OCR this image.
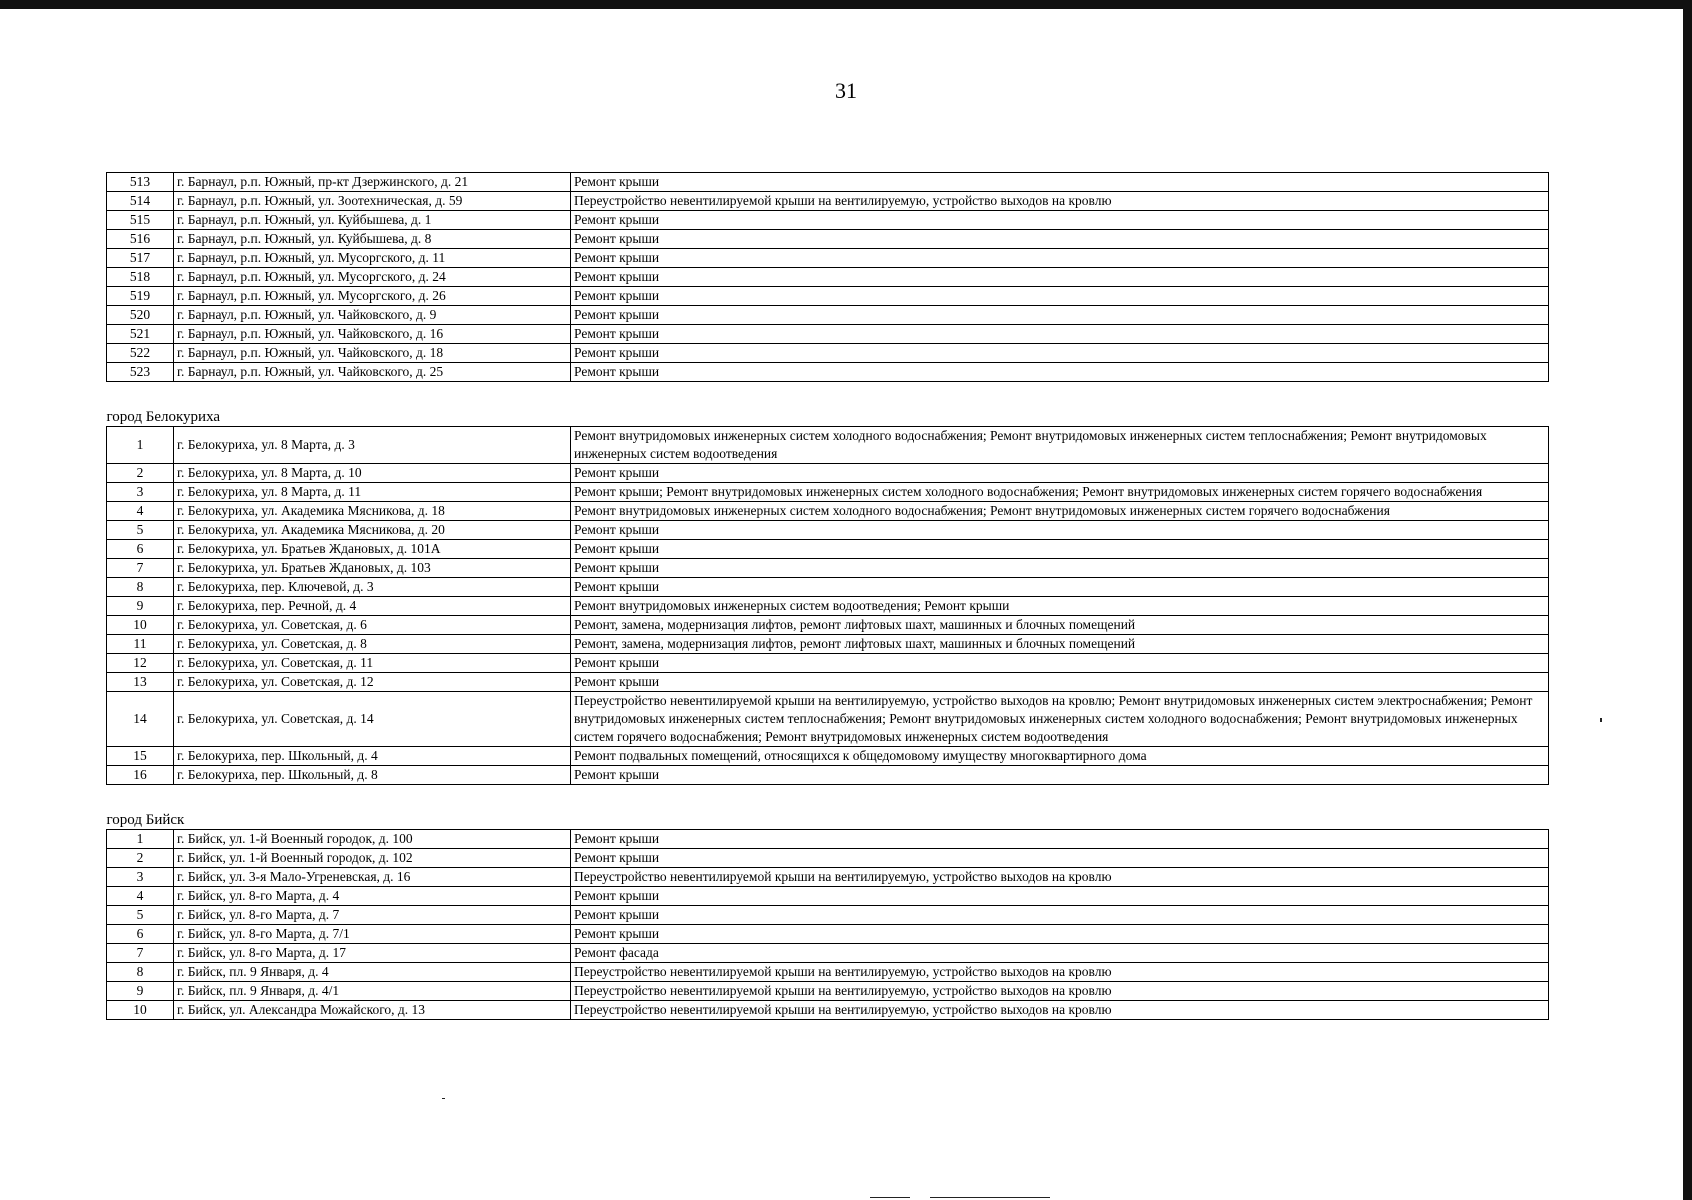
31
513	г. Барнаул, р.п. Южный, пр-кт Дзержинского, д. 21	Ремонт крыши
514	г. Барнаул, р.п. Южный, ул. Зоотехническая, д. 59	Переустройство невентилируемой крыши на вентилируемую, устройство выходов на кровлю
515	г. Барнаул, р.п. Южный, ул. Куйбышева, д. 1	Ремонт крыши
516	г. Барнаул, р.п. Южный, ул. Куйбышева, д. 8	Ремонт крыши
517	г. Барнаул, р.п. Южный, ул. Мусоргского, д. 11	Ремонт крыши
518	г. Барнаул, р.п. Южный, ул. Мусоргского, д. 24	Ремонт крыши
519	г. Барнаул, р.п. Южный, ул. Мусоргского, д. 26	Ремонт крыши
520	г. Барнаул, р.п. Южный, ул. Чайковского, д. 9	Ремонт крыши
521	г. Барнаул, р.п. Южный, ул. Чайковского, д. 16	Ремонт крыши
522	г. Барнаул, р.п. Южный, ул. Чайковского, д. 18	Ремонт крыши
523	г. Барнаул, р.п. Южный, ул. Чайковского, д. 25	Ремонт крыши

город Белокуриха		
1	г. Белокуриха, ул. 8 Марта, д. 3	Ремонт внутридомовых инженерных систем холодного водоснабжения; Ремонт внутридомовых инженерных систем теплоснабжения; Ремонт внутридомовых инженерных систем водоотведения
2	г. Белокуриха, ул. 8 Марта, д. 10	Ремонт крыши
3	г. Белокуриха, ул. 8 Марта, д. 11	Ремонт крыши; Ремонт внутридомовых инженерных систем холодного водоснабжения; Ремонт внутридомовых инженерных систем горячего водоснабжения
4	г. Белокуриха, ул. Академика Мясникова, д. 18	Ремонт внутридомовых инженерных систем холодного водоснабжения; Ремонт внутридомовых инженерных систем горячего водоснабжения
5	г. Белокуриха, ул. Академика Мясникова, д. 20	Ремонт крыши
6	г. Белокуриха, ул. Братьев Ждановых, д. 101А	Ремонт крыши
7	г. Белокуриха, ул. Братьев Ждановых, д. 103	Ремонт крыши
8	г. Белокуриха, пер. Ключевой, д. 3	Ремонт крыши
9	г. Белокуриха, пер. Речной, д. 4	Ремонт внутридомовых инженерных систем водоотведения; Ремонт крыши
10	г. Белокуриха, ул. Советская, д. 6	Ремонт, замена, модернизация лифтов, ремонт лифтовых шахт, машинных и блочных помещений
11	г. Белокуриха, ул. Советская, д. 8	Ремонт, замена, модернизация лифтов, ремонт лифтовых шахт, машинных и блочных помещений
12	г. Белокуриха, ул. Советская, д. 11	Ремонт крыши
13	г. Белокуриха, ул. Советская, д. 12	Ремонт крыши
14	г. Белокуриха, ул. Советская, д. 14	Переустройство невентилируемой крыши на вентилируемую, устройство выходов на кровлю; Ремонт внутридомовых инженерных систем электроснабжения; Ремонт внутридомовых инженерных систем теплоснабжения; Ремонт внутридомовых инженерных систем холодного водоснабжения; Ремонт внутридомовых инженерных систем горячего водоснабжения; Ремонт внутридомовых инженерных систем водоотведения
15	г. Белокуриха, пер. Школьный, д. 4	Ремонт подвальных помещений, относящихся к общедомовому имуществу многоквартирного дома
16	г. Белокуриха, пер. Школьный, д. 8	Ремонт крыши

город Бийск		
1	г. Бийск, ул. 1-й Военный городок, д. 100	Ремонт крыши
2	г. Бийск, ул. 1-й Военный городок, д. 102	Ремонт крыши
3	г. Бийск, ул. 3-я Мало-Угреневская, д. 16	Переустройство невентилируемой крыши на вентилируемую, устройство выходов на кровлю
4	г. Бийск, ул. 8-го Марта, д. 4	Ремонт крыши
5	г. Бийск, ул. 8-го Марта, д. 7	Ремонт крыши
6	г. Бийск, ул. 8-го Марта, д. 7/1	Ремонт крыши
7	г. Бийск, ул. 8-го Марта, д. 17	Ремонт фасада
8	г. Бийск, пл. 9 Января, д. 4	Переустройство невентилируемой крыши на вентилируемую, устройство выходов на кровлю
9	г. Бийск, пл. 9 Января, д. 4/1	Переустройство невентилируемой крыши на вентилируемую, устройство выходов на кровлю
10	г. Бийск, ул. Александра Можайского, д. 13	Переустройство невентилируемой крыши на вентилируемую, устройство выходов на кровлю
